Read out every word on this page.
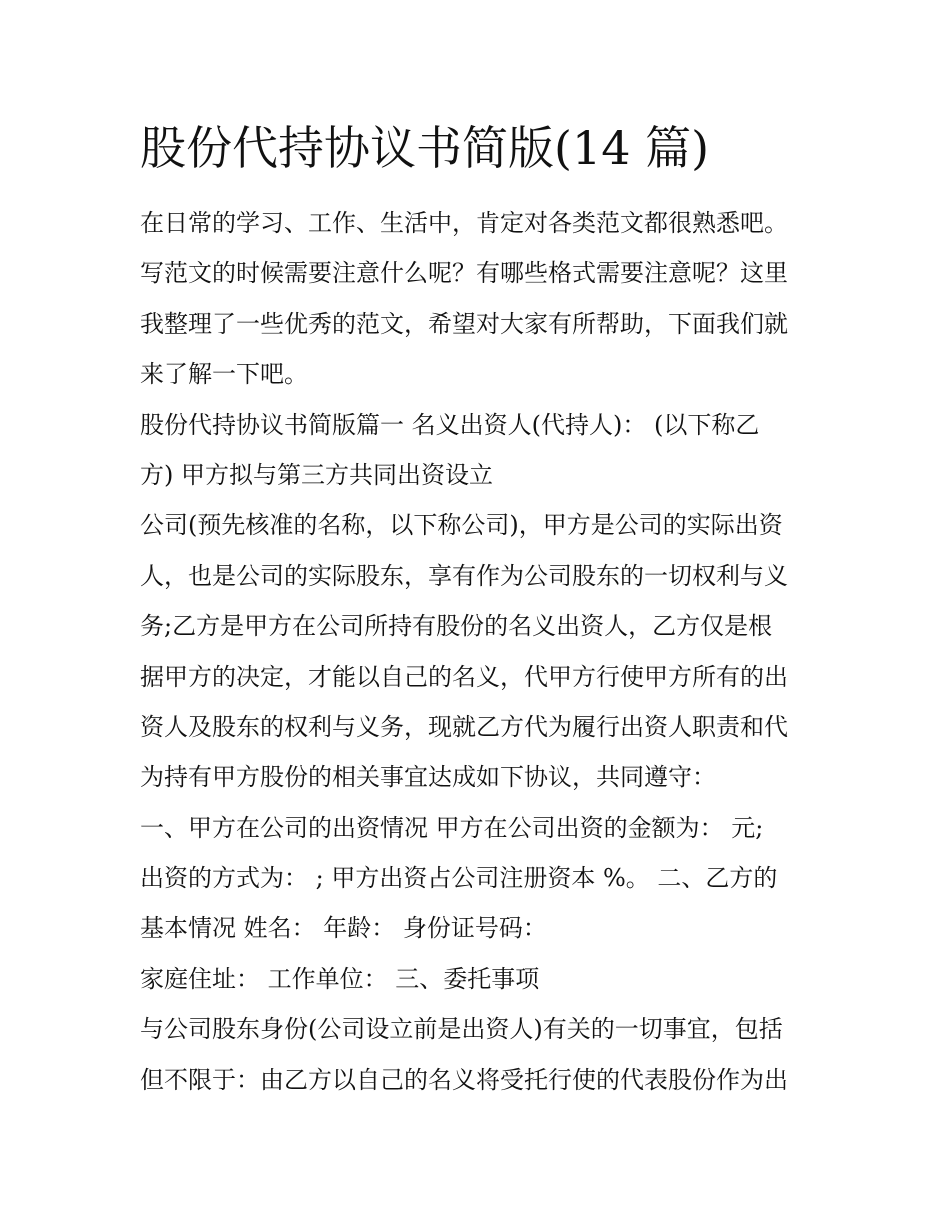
股份代持协议书简版(14 篇)
在日常的学习、工作、生活中，肯定对各类范文都很熟悉吧。
写范文的时候需要注意什么呢？有哪些格式需要注意呢？这里
我整理了一些优秀的范文，希望对大家有所帮助，下面我们就
来了解一下吧。
股份代持协议书简版篇一 名义出资人(代持人)： (以下称乙
方) 甲方拟与第三方共同出资设立
公司(预先核准的名称，以下称公司)，甲方是公司的实际出资
人，也是公司的实际股东，享有作为公司股东的一切权利与义
务;乙方是甲方在公司所持有股份的名义出资人，乙方仅是根
据甲方的决定，才能以自己的名义，代甲方行使甲方所有的出
资人及股东的权利与义务，现就乙方代为履行出资人职责和代
为持有甲方股份的相关事宜达成如下协议，共同遵守：
一、甲方在公司的出资情况 甲方在公司出资的金额为： 元;
出资的方式为： ; 甲方出资占公司注册资本 %。 二、乙方的
基本情况 姓名： 年龄： 身份证号码：
家庭住址： 工作单位： 三、委托事项
与公司股东身份(公司设立前是出资人)有关的一切事宜，包括
但不限于：由乙方以自己的名义将受托行使的代表股份作为出
